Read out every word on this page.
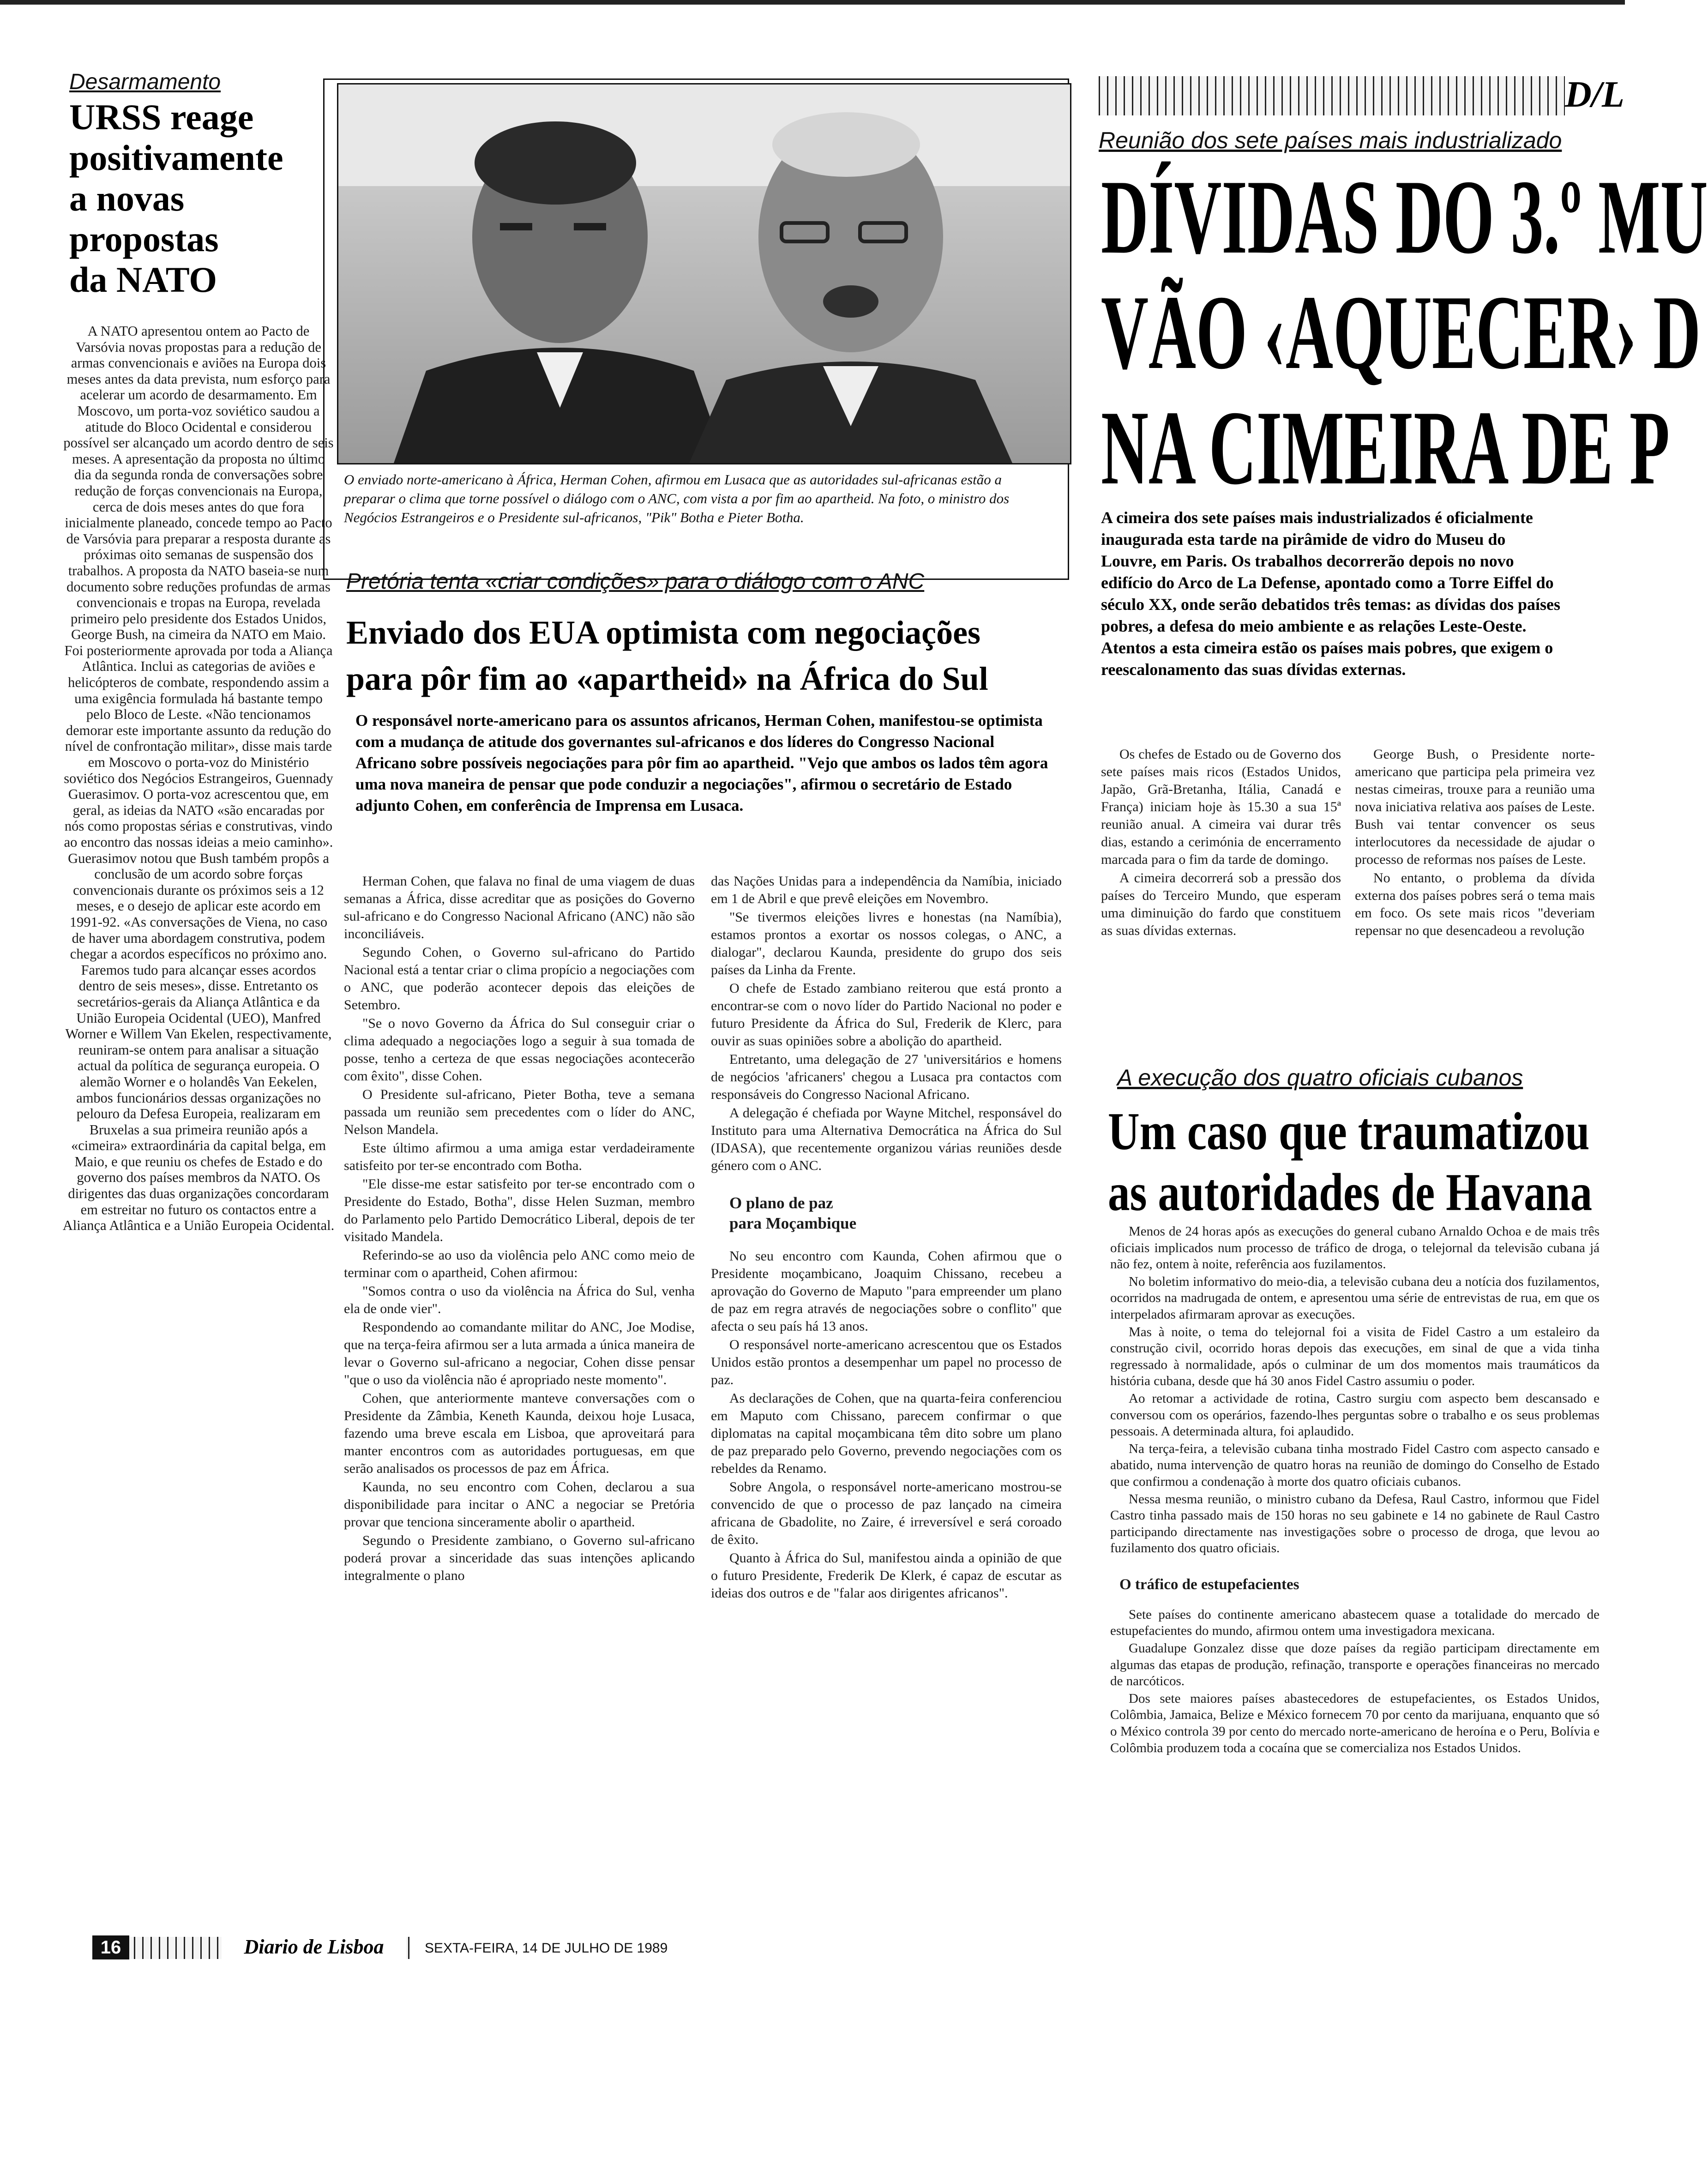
Desarmamento
URSS reage
positivamente
a novas
propostas
da NATO

A NATO apresentou ontem ao Pacto de Varsóvia novas propostas para a redução de armas convencionais e aviões na Europa dois meses antes da data prevista, num esforço para acelerar um acordo de desarmamento. Em Moscovo, um porta-voz soviético saudou a atitude do Bloco Ocidental e considerou possível ser alcançado um acordo dentro de seis meses. A apresentação da proposta no último dia da segunda ronda de conversações sobre redução de forças convencionais na Europa, cerca de dois meses antes do que fora inicialmente planeado, concede tempo ao Pacto de Varsóvia para preparar a resposta durante as próximas oito semanas de suspensão dos trabalhos. A proposta da NATO baseia-se num documento sobre reduções profundas de armas convencionais e tropas na Europa, revelada primeiro pelo presidente dos Estados Unidos, George Bush, na cimeira da NATO em Maio. Foi posteriormente aprovada por toda a Aliança Atlântica. Inclui as categorias de aviões e helicópteros de combate, respondendo assim a uma exigência formulada há bastante tempo pelo Bloco de Leste. «Não tencionamos demorar este importante assunto da redução do nível de confrontação militar», disse mais tarde em Moscovo o porta-voz do Ministério soviético dos Negócios Estrangeiros, Guennady Guerasimov. O porta-voz acrescentou que, em geral, as ideias da NATO «são encaradas por nós como propostas sérias e construtivas, vindo ao encontro das nossas ideias a meio caminho». Guerasimov notou que Bush também propôs a conclusão de um acordo sobre forças convencionais durante os próximos seis a 12 meses, e o desejo de aplicar este acordo em 1991-92. «As conversações de Viena, no caso de haver uma abordagem construtiva, podem chegar a acordos específicos no próximo ano. Faremos tudo para alcançar esses acordos dentro de seis meses», disse. Entretanto os secretários-gerais da Aliança Atlântica e da União Europeia Ocidental (UEO), Manfred Worner e Willem Van Ekelen, respectivamente, reuniram-se ontem para analisar a situação actual da política de segurança europeia. O alemão Worner e o holandês Van Eekelen, ambos funcionários dessas organizações no pelouro da Defesa Europeia, realizaram em Bruxelas a sua primeira reunião após a «cimeira» extraordinária da capital belga, em Maio, e que reuniu os chefes de Estado e do governo dos países membros da NATO. Os dirigentes das duas organizações concordaram em estreitar no futuro os contactos entre a Aliança Atlântica e a União Europeia Ocidental.

O enviado norte-americano à África, Herman Cohen, afirmou em Lusaca que as autoridades sul-africanas estão a preparar o clima que torne possível o diálogo com o ANC, com vista a por fim ao apartheid. Na foto, o ministro dos Negócios Estrangeiros e o Presidente sul-africanos, "Pik" Botha e Pieter Botha.
Pretória tenta «criar condições» para o diálogo com o ANC
Enviado dos EUA optimista com negociações
para pôr fim ao «apartheid» na África do Sul
O responsável norte-americano para os assuntos africanos, Herman Cohen, manifestou-se optimista com a mudança de atitude dos governantes sul-africanos e dos líderes do Congresso Nacional Africano sobre possíveis negociações para pôr fim ao apartheid. "Vejo que ambos os lados têm agora uma nova maneira de pensar que pode conduzir a negociações", afirmou o secretário de Estado adjunto Cohen, em conferência de Imprensa em Lusaca.

Herman Cohen, que falava no final de uma viagem de duas semanas a África, disse acreditar que as posições do Governo sul-africano e do Congresso Nacional Africano (ANC) não são inconciliáveis.

Segundo Cohen, o Governo sul-africano do Partido Nacional está a tentar criar o clima propício a negociações com o ANC, que poderão acontecer depois das eleições de Setembro.

"Se o novo Governo da África do Sul conseguir criar o clima adequado a negociações logo a seguir à sua tomada de posse, tenho a certeza de que essas negociações acontecerão com êxito", disse Cohen.

O Presidente sul-africano, Pieter Botha, teve a semana passada um reunião sem precedentes com o líder do ANC, Nelson Mandela.

Este último afirmou a uma amiga estar verdadeiramente satisfeito por ter-se encontrado com Botha.

"Ele disse-me estar satisfeito por ter-se encontrado com o Presidente do Estado, Botha", disse Helen Suzman, membro do Parlamento pelo Partido Democrático Liberal, depois de ter visitado Mandela.

Referindo-se ao uso da violência pelo ANC como meio de terminar com o apartheid, Cohen afirmou:

"Somos contra o uso da violência na África do Sul, venha ela de onde vier".

Respondendo ao comandante militar do ANC, Joe Modise, que na terça-feira afirmou ser a luta armada a única maneira de levar o Governo sul-africano a negociar, Cohen disse pensar "que o uso da violência não é apropriado neste momento".

Cohen, que anteriormente manteve conversações com o Presidente da Zâmbia, Keneth Kaunda, deixou hoje Lusaca, fazendo uma breve escala em Lisboa, que aproveitará para manter encontros com as autoridades portuguesas, em que serão analisados os processos de paz em África.

Kaunda, no seu encontro com Cohen, declarou a sua disponibilidade para incitar o ANC a negociar se Pretória provar que tenciona sinceramente abolir o apartheid.

Segundo o Presidente zambiano, o Governo sul-africano poderá provar a sinceridade das suas intenções aplicando integralmente o plano

das Nações Unidas para a independência da Namíbia, iniciado em 1 de Abril e que prevê eleições em Novembro.

"Se tivermos eleições livres e honestas (na Namíbia), estamos prontos a exortar os nossos colegas, o ANC, a dialogar", declarou Kaunda, presidente do grupo dos seis países da Linha da Frente.

O chefe de Estado zambiano reiterou que está pronto a encontrar-se com o novo líder do Partido Nacional no poder e futuro Presidente da África do Sul, Frederik de Klerc, para ouvir as suas opiniões sobre a abolição do apartheid.

Entretanto, uma delegação de 27 'universitários e homens de negócios 'africaners' chegou a Lusaca pra contactos com responsáveis do Congresso Nacional Africano.

A delegação é chefiada por Wayne Mitchel, responsável do Instituto para uma Alternativa Democrática na África do Sul (IDASA), que recentemente organizou várias reuniões desde género com o ANC.

O plano de paz
para Moçambique

No seu encontro com Kaunda, Cohen afirmou que o Presidente moçambicano, Joaquim Chissano, recebeu a aprovação do Governo de Maputo "para empreender um plano de paz em regra através de negociações sobre o conflito" que afecta o seu país há 13 anos.

O responsável norte-americano acrescentou que os Estados Unidos estão prontos a desempenhar um papel no processo de paz.

As declarações de Cohen, que na quarta-feira conferenciou em Maputo com Chissano, parecem confirmar o que diplomatas na capital moçambicana têm dito sobre um plano de paz preparado pelo Governo, prevendo negociações com os rebeldes da Renamo.

Sobre Angola, o responsável norte-americano mostrou-se convencido de que o processo de paz lançado na cimeira africana de Gbadolite, no Zaire, é irreversível e será coroado de êxito.

Quanto à África do Sul, manifestou ainda a opinião de que o futuro Presidente, Frederik De Klerk, é capaz de escutar as ideias dos outros e de "falar aos dirigentes africanos".

D/L
Reunião dos sete países mais industrializado
DÍVIDAS DO 3.º MU
VÃO ‹AQUECER› D
NA CIMEIRA DE P
A cimeira dos sete países mais industrializados é oficialmente inaugurada esta tarde na pirâmide de vidro do Museu do Louvre, em Paris. Os trabalhos decorrerão depois no novo edifício do Arco de La Defense, apontado como a Torre Eiffel do século XX, onde serão debatidos três temas: as dívidas dos países pobres, a defesa do meio ambiente e as relações Leste-Oeste. Atentos a esta cimeira estão os países mais pobres, que exigem o reescalonamento das suas dívidas externas.

Os chefes de Estado ou de Governo dos sete países mais ricos (Estados Unidos, Japão, Grã-Bretanha, Itália, Canadá e França) iniciam hoje às 15.30 a sua 15ª reunião anual. A cimeira vai durar três dias, estando a cerimónia de encerramento marcada para o fim da tarde de domingo.

A cimeira decorrerá sob a pressão dos países do Terceiro Mundo, que esperam uma diminuição do fardo que constituem as suas dívidas externas.

George Bush, o Presidente norte-americano que participa pela primeira vez nestas cimeiras, trouxe para a reunião uma nova iniciativa relativa aos países de Leste. Bush vai tentar convencer os seus interlocutores da necessidade de ajudar o processo de reformas nos países de Leste.

No entanto, o problema da dívida externa dos países pobres será o tema mais em foco. Os sete mais ricos "deveriam repensar no que desencadeou a revolução

A execução dos quatro oficiais cubanos
Um caso que traumatizou
as autoridades de Havana

Menos de 24 horas após as execuções do general cubano Arnaldo Ochoa e de mais três oficiais implicados num processo de tráfico de droga, o telejornal da televisão cubana já não fez, ontem à noite, referência aos fuzilamentos.

No boletim informativo do meio-dia, a televisão cubana deu a notícia dos fuzilamentos, ocorridos na madrugada de ontem, e apresentou uma série de entrevistas de rua, em que os interpelados afirmaram aprovar as execuções.

Mas à noite, o tema do telejornal foi a visita de Fidel Castro a um estaleiro da construção civil, ocorrido horas depois das execuções, em sinal de que a vida tinha regressado à normalidade, após o culminar de um dos momentos mais traumáticos da história cubana, desde que há 30 anos Fidel Castro assumiu o poder.

Ao retomar a actividade de rotina, Castro surgiu com aspecto bem descansado e conversou com os operários, fazendo-lhes perguntas sobre o trabalho e os seus problemas pessoais. A determinada altura, foi aplaudido.

Na terça-feira, a televisão cubana tinha mostrado Fidel Castro com aspecto cansado e abatido, numa intervenção de quatro horas na reunião de domingo do Conselho de Estado que confirmou a condenação à morte dos quatro oficiais cubanos.

Nessa mesma reunião, o ministro cubano da Defesa, Raul Castro, informou que Fidel Castro tinha passado mais de 150 horas no seu gabinete e 14 no gabinete de Raul Castro participando directamente nas investigações sobre o processo de droga, que levou ao fuzilamento dos quatro oficiais.

O tráfico de estupefacientes

Sete países do continente americano abastecem quase a totalidade do mercado de estupefacientes do mundo, afirmou ontem uma investigadora mexicana.

Guadalupe Gonzalez disse que doze países da região participam directamente em algumas das etapas de produção, refinação, transporte e operações financeiras no mercado de narcóticos.

Dos sete maiores países abastecedores de estupefacientes, os Estados Unidos, Colômbia, Jamaica, Belize e México fornecem 70 por cento da marijuana, enquanto que só o México controla 39 por cento do mercado norte-americano de heroína e o Peru, Bolívia e Colômbia produzem toda a cocaína que se comercializa nos Estados Unidos.

16	Diario de Lisboa	SEXTA-FEIRA, 14 DE JULHO DE 1989
